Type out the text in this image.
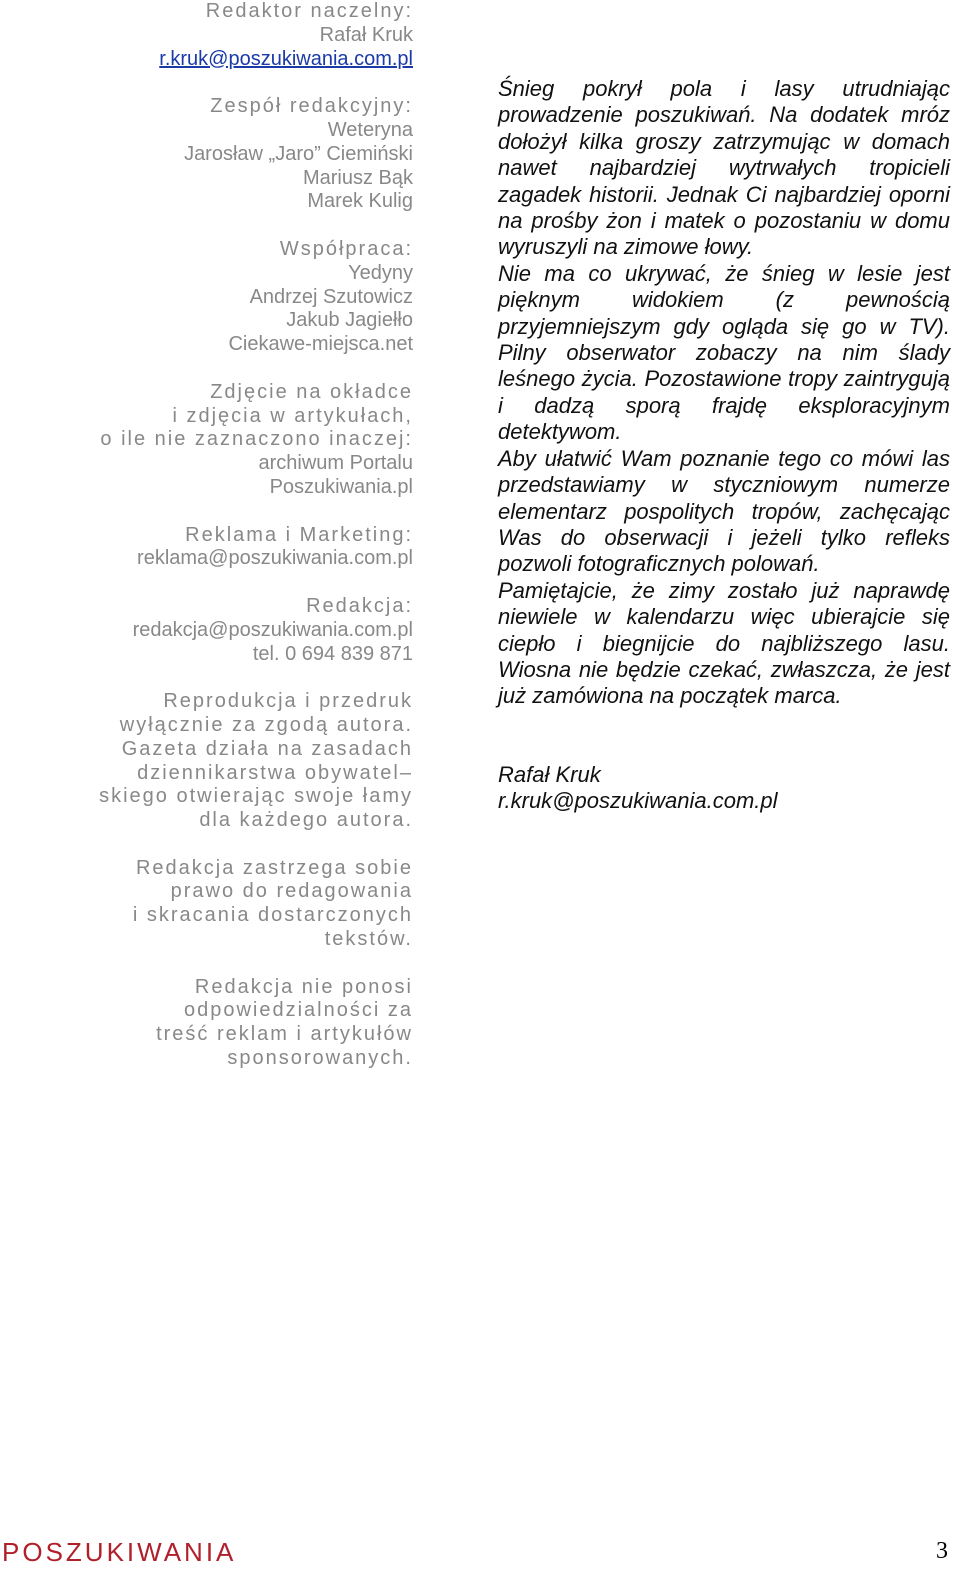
Redaktor naczelny:
Rafał Kruk
r.kruk@poszukiwania.com.pl
Zespół redakcyjny:
Weteryna
Jarosław „Jaro” Ciemiński
Mariusz Bąk
Marek Kulig
Współpraca:
Yedyny
Andrzej Szutowicz
Jakub Jagiełło
Ciekawe-miejsca.net
Zdjęcie na okładce
i zdjęcia w artykułach,
o ile nie zaznaczono inaczej:
archiwum Portalu
Poszukiwania.pl
Reklama i Marketing:
reklama@poszukiwania.com.pl
Redakcja:
redakcja@poszukiwania.com.pl
tel. 0 694 839 871
Reprodukcja i przedruk
wyłącznie za zgodą autora.
Gazeta działa na zasadach
dziennikarstwa obywatel–
skiego otwierając swoje łamy
dla każdego autora.
Redakcja zastrzega sobie
prawo do redagowania
i skracania dostarczonych
tekstów.
Redakcja nie ponosi
odpowiedzialności za
treść reklam i artykułów
sponsorowanych.

Śnieg pokrył pola i lasy utrudniając prowadzenie poszukiwań. Na dodatek mróz dołożył kilka groszy zatrzymując w domach nawet najbardziej wytrwałych tropicieli zagadek historii. Jednak Ci najbardziej oporni na prośby żon i matek o pozostaniu w domu wyruszyli na zimowe łowy.

Nie ma co ukrywać, że śnieg w lesie jest pięknym widokiem (z pewnością przyjemniejszym gdy ogląda się go w TV). Pilny obserwator zobaczy na nim ślady leśnego życia. Pozostawione tropy zaintrygują i dadzą sporą frajdę eksploracyjnym detektywom.

Aby ułatwić Wam poznanie tego co mówi las przedstawiamy w styczniowym numerze elementarz pospolitych tropów, zachęcając Was do obserwacji i jeżeli tylko refleks pozwoli fotograficznych polowań.

Pamiętajcie, że zimy zostało już naprawdę niewiele w kalendarzu więc ubierajcie się ciepło i biegnijcie do najbliższego lasu. Wiosna nie będzie czekać, zwłaszcza, że jest już zamówiona na początek marca.

Rafał Kruk
r.kruk@poszukiwania.com.pl
POSZUKIWANIA	3
